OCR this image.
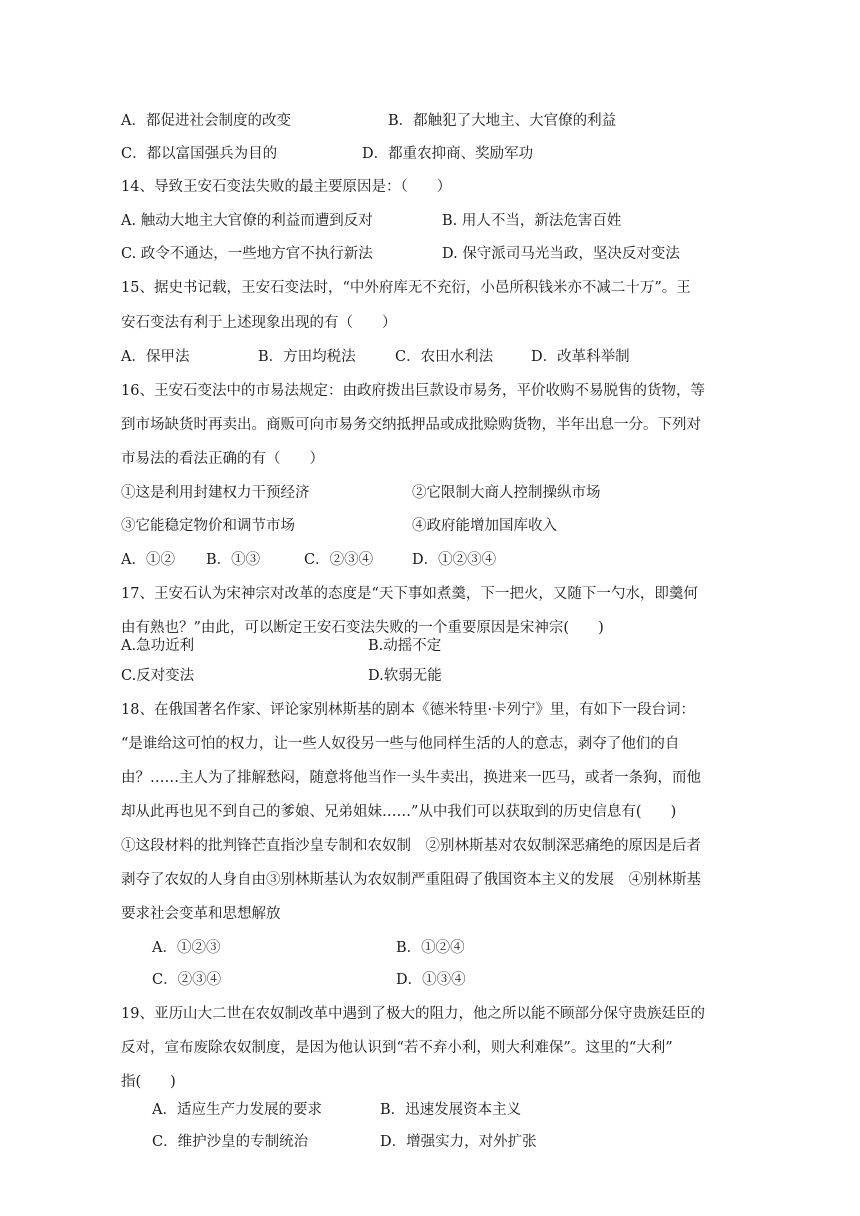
A．都促进社会制度的改变	B．都触犯了大地主、大官僚的利益
C．都以富国强兵为目的	D．都重农抑商、奖励军功
14、导致王安石变法失败的最主要原因是：（　　）
A. 触动大地主大官僚的利益而遭到反对	B. 用人不当，新法危害百姓
C. 政令不通达，一些地方官不执行新法	D. 保守派司马光当政，坚决反对变法
15、据史书记载，王安石变法时，“中外府库无不充衍，小邑所积钱米亦不减二十万”。王
安石变法有利于上述现象出现的有（　　）
A．保甲法	B．方田均税法	C．农田水利法	D．改革科举制
16、王安石变法中的市易法规定：由政府拨出巨款设市易务，平价收购不易脱售的货物，等
到市场缺货时再卖出。商贩可向市易务交纳抵押品或成批赊购货物，半年出息一分。下列对
市易法的看法正确的有（　　）
①这是利用封建权力干预经济	②它限制大商人控制操纵市场
③它能稳定物价和调节市场	④政府能增加国库收入
A．①② B．①③	C．②③④	D．①②③④
17、王安石认为宋神宗对改革的态度是“天下事如煮羹，下一把火，又随下一勺水，即羹何
由有熟也？”由此，可以断定王安石变法失败的一个重要原因是宋神宗(　　)
A.急功近利	B.动摇不定
C.反对变法	D.软弱无能
18、在俄国著名作家、评论家别林斯基的剧本《德米特里·卡列宁》里，有如下一段台词：
“是谁给这可怕的权力，让一些人奴役另一些与他同样生活的人的意志，剥夺了他们的自
由？……主人为了排解愁闷，随意将他当作一头牛卖出，换进来一匹马，或者一条狗，而他
却从此再也见不到自己的爹娘、兄弟姐妹……”从中我们可以获取到的历史信息有(　　)
①这段材料的批判锋芒直指沙皇专制和农奴制　②别林斯基对农奴制深恶痛绝的原因是后者
剥夺了农奴的人身自由③别林斯基认为农奴制严重阻碍了俄国资本主义的发展　④别林斯基
要求社会变革和思想解放
A．①②③	B．①②④
C．②③④	D．①③④
19、亚历山大二世在农奴制改革中遇到了极大的阻力，他之所以能不顾部分保守贵族廷臣的
反对，宣布废除农奴制度，是因为他认识到“若不弃小利，则大利难保”。这里的“大利”
指(　　)
A．适应生产力发展的要求	B．迅速发展资本主义
C．维护沙皇的专制统治	D．增强实力，对外扩张
